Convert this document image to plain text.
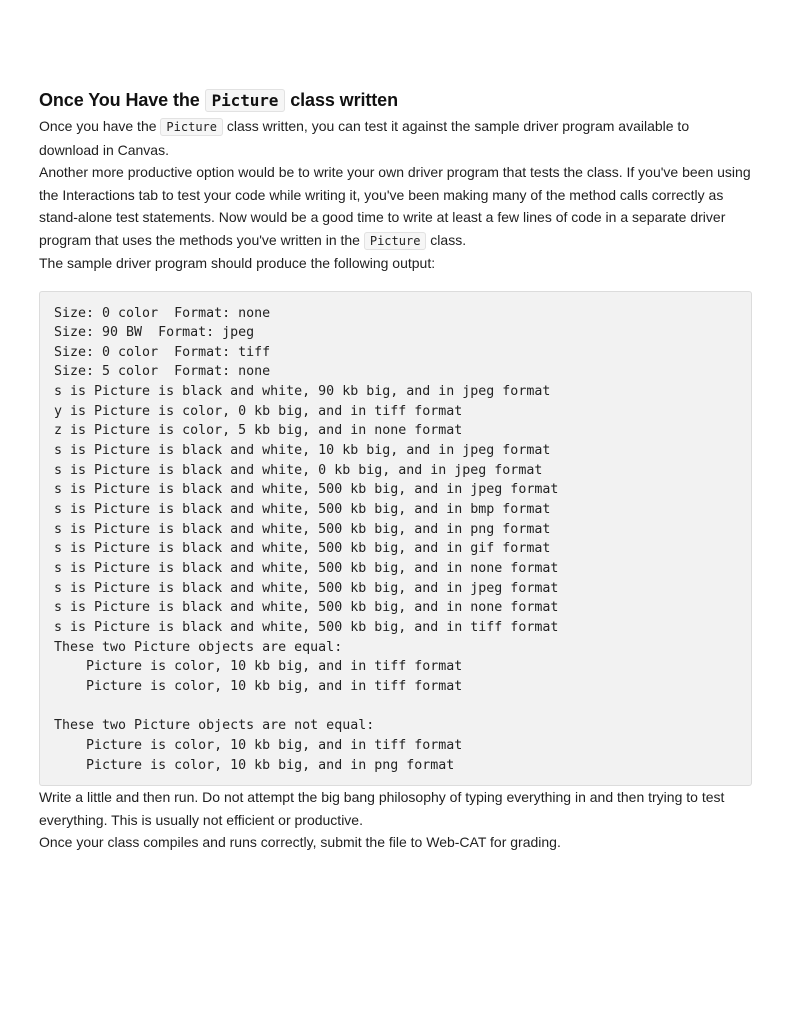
Once You Have the Picture class written

Once you have the Picture class written, you can test it against the sample driver program available to download in Canvas.

Another more productive option would be to write your own driver program that tests the class. If you've been using the Interactions tab to test your code while writing it, you've been making many of the method calls correctly as stand-alone test statements. Now would be a good time to write at least a few lines of code in a separate driver program that uses the methods you've written in the Picture class.

The sample driver program should produce the following output:

Size: 0 color  Format: none
Size: 90 BW  Format: jpeg
Size: 0 color  Format: tiff
Size: 5 color  Format: none
s is Picture is black and white, 90 kb big, and in jpeg format
y is Picture is color, 0 kb big, and in tiff format
z is Picture is color, 5 kb big, and in none format
s is Picture is black and white, 10 kb big, and in jpeg format
s is Picture is black and white, 0 kb big, and in jpeg format
s is Picture is black and white, 500 kb big, and in jpeg format
s is Picture is black and white, 500 kb big, and in bmp format
s is Picture is black and white, 500 kb big, and in png format
s is Picture is black and white, 500 kb big, and in gif format
s is Picture is black and white, 500 kb big, and in none format
s is Picture is black and white, 500 kb big, and in jpeg format
s is Picture is black and white, 500 kb big, and in none format
s is Picture is black and white, 500 kb big, and in tiff format
These two Picture objects are equal:
Picture is color, 10 kb big, and in tiff format
Picture is color, 10 kb big, and in tiff format

These two Picture objects are not equal:
Picture is color, 10 kb big, and in tiff format
Picture is color, 10 kb big, and in png format

Write a little and then run. Do not attempt the big bang philosophy of typing everything in and then trying to test everything. This is usually not efficient or productive.

Once your class compiles and runs correctly, submit the file to Web-CAT for grading.
